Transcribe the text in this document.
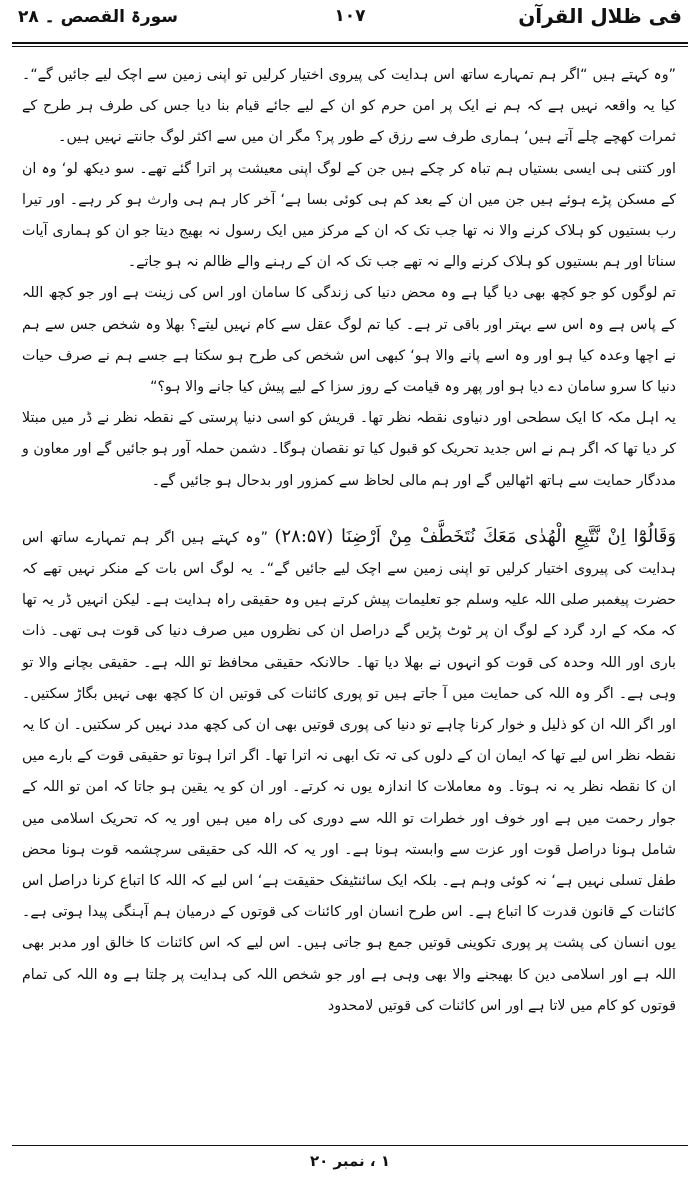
فی ظلال القرآن
۱۰۷
سورۃ القصص ۔ ۲۸

”وہ کہتے ہیں “اگر ہم تمہارے ساتھ اس ہدایت کی پیروی اختیار کرلیں تو اپنی زمین سے اچک لیے جائیں گے“۔کیا یہ واقعہ نہیں ہے کہ ہم نے ایک پر امن حرم کو ان کے لیے جائے قیام بنا دیا جس کی طرف ہر طرح کے ثمرات کھچے چلے آتے ہیں‘ ہماری طرف سے رزق کے طور پر؟ مگر ان میں سے اکثر لوگ جانتے نہیں ہیں۔

اور کتنی ہی ایسی بستیاں ہم تباہ کر چکے ہیں جن کے لوگ اپنی معیشت پر اترا گئے تھے۔ سو دیکھ لو‘ وہ ان کے مسکن پڑے ہوئے ہیں جن میں ان کے بعد کم ہی کوئی بسا ہے‘ آخر کار ہم ہی وارث ہو کر رہے۔ اور تیرا رب بستیوں کو ہلاک کرنے والا نہ تھا جب تک کہ ان کے مرکز میں ایک رسول نہ بھیج دیتا جو ان کو ہماری آیات سناتا اور ہم بستیوں کو ہلاک کرنے والے نہ تھے جب تک کہ ان کے رہنے والے ظالم نہ ہو جاتے۔

تم لوگوں کو جو کچھ بھی دیا گیا ہے وہ محض دنیا کی زندگی کا سامان اور اس کی زینت ہے اور جو کچھ اللہ کے پاس ہے وہ اس سے بہتر اور باقی تر ہے۔ کیا تم لوگ عقل سے کام نہیں لیتے؟ بھلا وہ شخص جس سے ہم نے اچھا وعدہ کیا ہو اور وہ اسے پانے والا ہو‘ کبھی اس شخص کی طرح ہو سکتا ہے جسے ہم نے صرف حیات دنیا کا سرو سامان دے دیا ہو اور پھر وہ قیامت کے روز سزا کے لیے پیش کیا جانے والا ہو؟“

یہ اہل مکہ کا ایک سطحی اور دنیاوی نقطہ نظر تھا۔ قریش کو اسی دنیا پرستی کے نقطہ نظر نے ڈر میں مبتلا کر دیا تھا کہ اگر ہم نے اس جدید تحریک کو قبول کیا تو نقصان ہوگا۔ دشمن حملہ آور ہو جائیں گے اور معاون و مددگار حمایت سے ہاتھ اٹھالیں گے اور ہم مالی لحاظ سے کمزور اور بدحال ہو جائیں گے۔

وَقَالُوْٓا اِنْ نَّتَّبِعِ الْهُدٰى مَعَكَ نُتَخَطَّفْ مِنْ اَرْضِنَا (۲۸:۵۷) ”وہ کہتے ہیں اگر ہم تمہارے ساتھ اس ہدایت کی پیروی اختیار کرلیں تو اپنی زمین سے اچک لیے جائیں گے“۔ یہ لوگ اس بات کے منکر نہیں تھے کہ حضرت پیغمبر صلی اللہ علیہ وسلم جو تعلیمات پیش کرتے ہیں وہ حقیقی راہ ہدایت ہے۔ لیکن انہیں ڈر یہ تھا کہ مکہ کے ارد گرد کے لوگ ان پر ٹوٹ پڑیں گے دراصل ان کی نظروں میں صرف دنیا کی قوت ہی تھی۔ ذات باری اور اللہ وحدہ کی قوت کو انہوں نے بھلا دیا تھا۔ حالانکہ حقیقی محافظ تو اللہ ہے۔ حقیقی بچانے والا تو وہی ہے۔ اگر وہ اللہ کی حمایت میں آ جاتے ہیں تو پوری کائنات کی قوتیں ان کا کچھ بھی نہیں بگاڑ سکتیں۔ اور اگر اللہ ان کو ذلیل و خوار کرنا چاہے تو دنیا کی پوری قوتیں بھی ان کی کچھ مدد نہیں کر سکتیں۔ ان کا یہ نقطہ نظر اس لیے تھا کہ ایمان ان کے دلوں کی تہ تک ابھی نہ اترا تھا۔ اگر اترا ہوتا تو حقیقی قوت کے بارے میں ان کا نقطہ نظر یہ نہ ہوتا۔ وہ معاملات کا اندازہ یوں نہ کرتے۔ اور ان کو یہ یقین ہو جاتا کہ امن تو اللہ کے جوار رحمت میں ہے اور خوف اور خطرات تو اللہ سے دوری کی راہ میں ہیں اور یہ کہ تحریک اسلامی میں شامل ہونا دراصل قوت اور عزت سے وابستہ ہونا ہے۔ اور یہ کہ اللہ کی حقیقی سرچشمہ قوت ہونا محض طفل تسلی نہیں ہے‘ نہ کوئی وہم ہے۔ بلکہ ایک سائنٹیفک حقیقت ہے‘ اس لیے کہ اللہ کا اتباع کرنا دراصل اس کائنات کے قانون قدرت کا اتباع ہے۔ اس طرح انسان اور کائنات کی قوتوں کے درمیان ہم آہنگی پیدا ہوتی ہے۔ یوں انسان کی پشت پر پوری تکوینی قوتیں جمع ہو جاتی ہیں۔ اس لیے کہ اس کائنات کا خالق اور مدبر بھی اللہ ہے اور اسلامی دین کا بھیجنے والا بھی وہی ہے اور جو شخص اللہ کی ہدایت پر چلتا ہے وہ اللہ کی تمام قوتوں کو کام میں لاتا ہے اور اس کائنات کی قوتیں لامحدود

۱ ، نمبر ۲۰
